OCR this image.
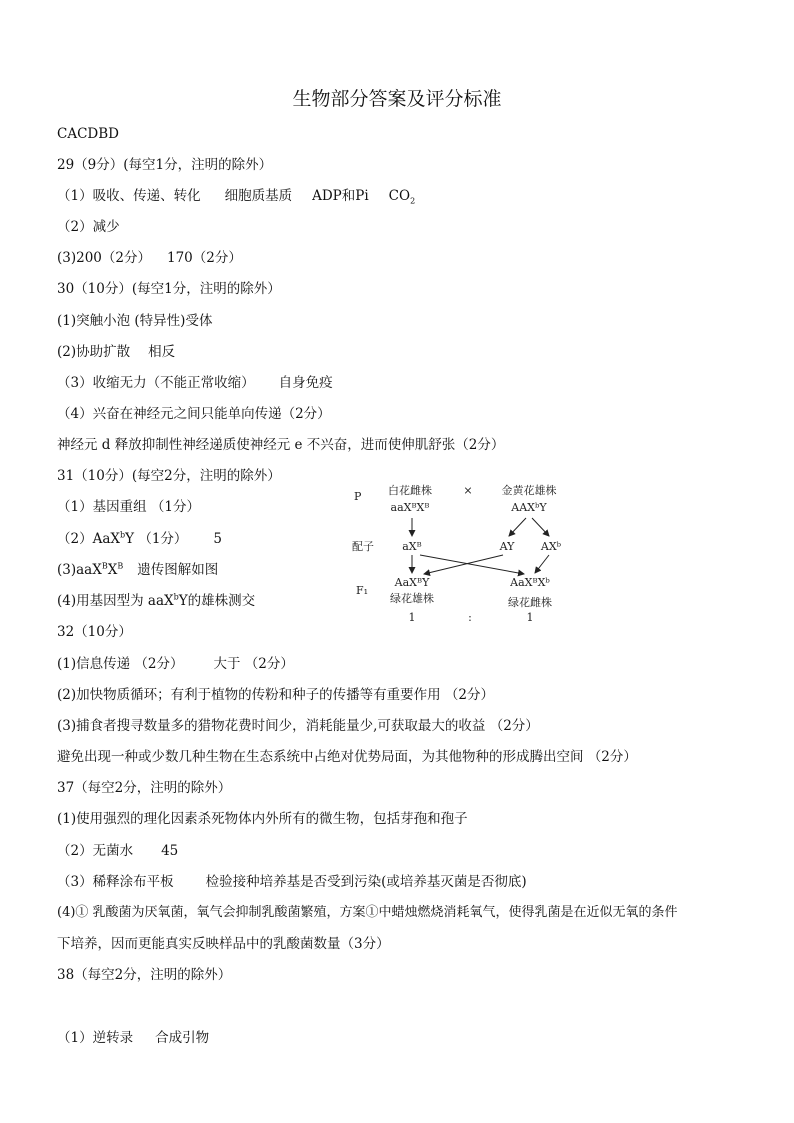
生物部分答案及评分标准
CACDBD
29（9分）(每空1分，注明的除外）
（1）吸收、传递、转化 细胞质基质 ADP和Pi $CO_2$
（2）减少
(3)200（2分） 170（2分）
30（10分）(每空1分，注明的除外）
(1)突触小泡 (特异性)受体
(2)协助扩散 相反
（3）收缩无力（不能正常收缩） 自身免疫
（4）兴奋在神经元之间只能单向传递（2分）
神经元 d 释放抑制性神经递质使神经元 e 不兴奋，进而使伸肌舒张（2分）
31（10分）(每空2分，注明的除外）
（1）基因重组 （1分）
（2）AaX$^b$Y （1分） 5
$(3)aaX^BX^B$ 遗传图解如图
(4)用基因型为 aaX$^b$Y的雄株测交
P 白花雌株	×	金黄花雄株
aaXᴮXᴮ	AAXᵇY
配子	aXᴮ	AY AXᵇ
F₁
AaXᴮY	AaXᴮXᵇ
绿花雄株	绿花雌株
1	:	1
32（10分）
(1)信息传递 （2分） 大于 （2分）
(2)加快物质循环；有利于植物的传粉和种子的传播等有重要作用 （2分）
(3)捕食者搜寻数量多的猎物花费时间少，消耗能量少,可获取最大的收益 （2分）
避免出现一种或少数几种生物在生态系统中占绝对优势局面，为其他物种的形成腾出空间 （2分）
37（每空2分，注明的除外）
(1)使用强烈的理化因素杀死物体内外所有的微生物，包括芽孢和孢子
（2）无菌水 45
（3）稀释涂布平板 检验接种培养基是否受到污染(或培养基灭菌是否彻底)
(4)① 乳酸菌为厌氧菌，氧气会抑制乳酸菌繁殖，方案①中蜡烛燃烧消耗氧气，使得乳菌是在近似无氧的条件
下培养，因而更能真实反映样品中的乳酸菌数量（3分）
38（每空2分，注明的除外）
（1）逆转录 合成引物
